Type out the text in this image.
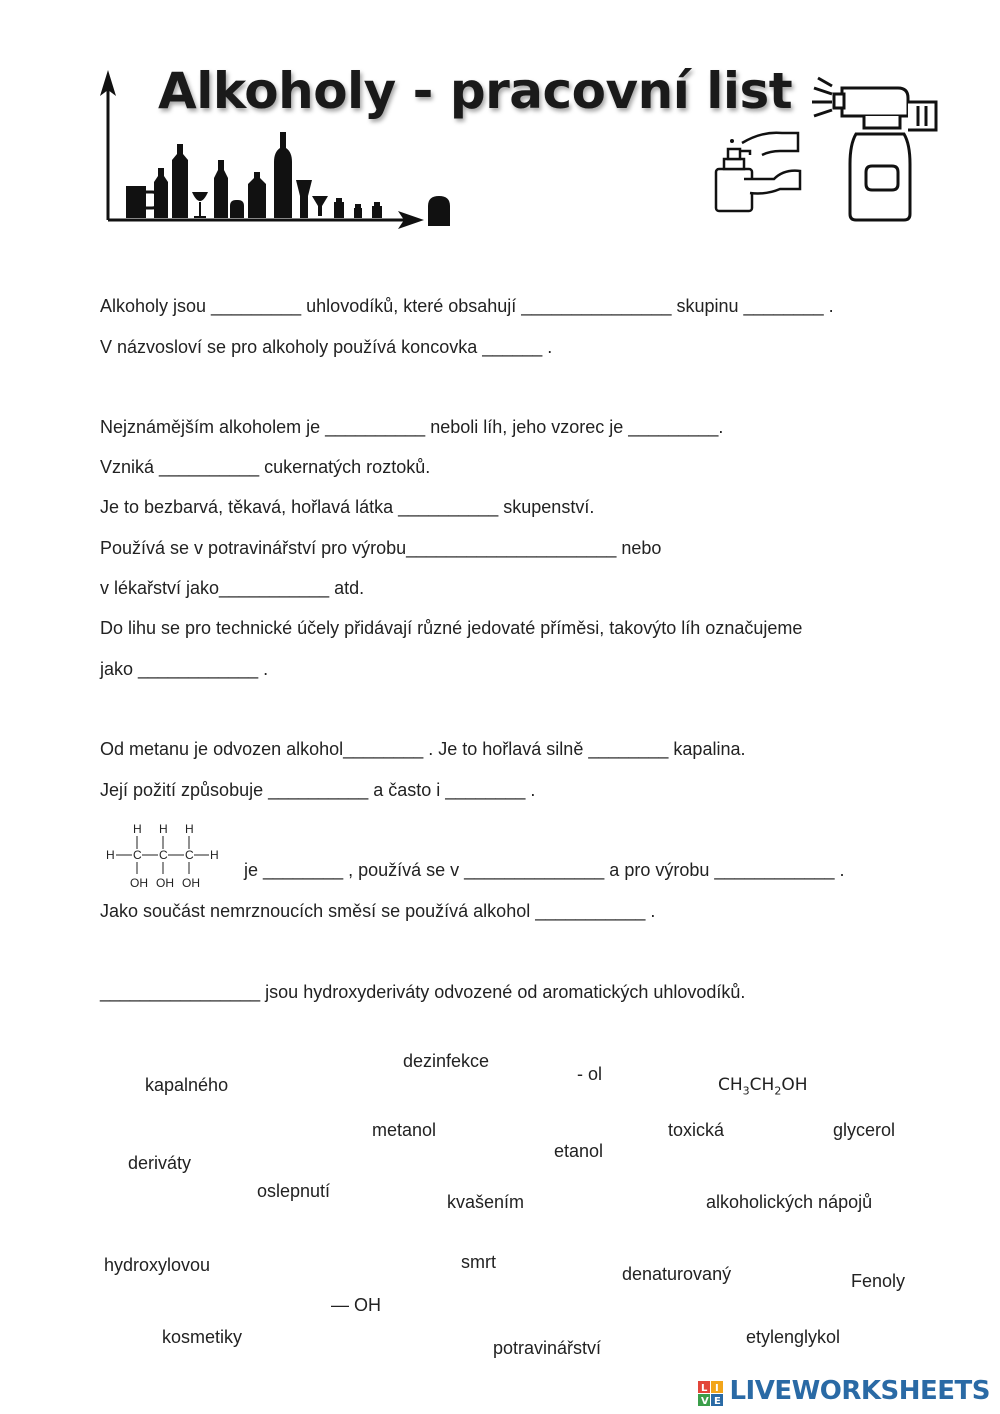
Alkoholy - pracovní list
Alkoholy jsou _________ uhlovodíků, které obsahují _______________ skupinu ________ .
V názvosloví se pro alkoholy používá koncovka ______ .
Nejznámějším alkoholem je __________ neboli líh, jeho vzorec je _________.
Vzniká __________ cukernatých roztoků.
Je to bezbarvá, těkavá, hořlavá látka __________ skupenství.
Používá se v potravinářství pro výrobu_____________________ nebo
v lékařství jako___________ atd.
Do lihu se pro technické účely přidávají různé jedovaté příměsi, takovýto líh označujeme
jako ____________ .
Od metanu je odvozen alkohol________ . Je to hořlavá silně ________ kapalina.
Její požití způsobuje __________ a často i ________ .
H H H
H C C C H
OH OH OH
je ________ , používá se v ______________ a pro výrobu ____________ .
Jako součást nemrznoucích směsí se používá alkohol ___________ .
________________ jsou hydroxyderiváty odvozené od aromatických uhlovodíků.
dezinfekce
- ol
kapalného	$CH_3CH_2OH$
metanol	toxická	glycerol
etanol
deriváty
oslepnutí
kvašením	alkoholických nápojů
hydroxylovou	smrt
denaturovaný	Fenoly
— OH
kosmetiky	etylenglykol
potravinářství
L I
V E LIVEWORKSHEETS
